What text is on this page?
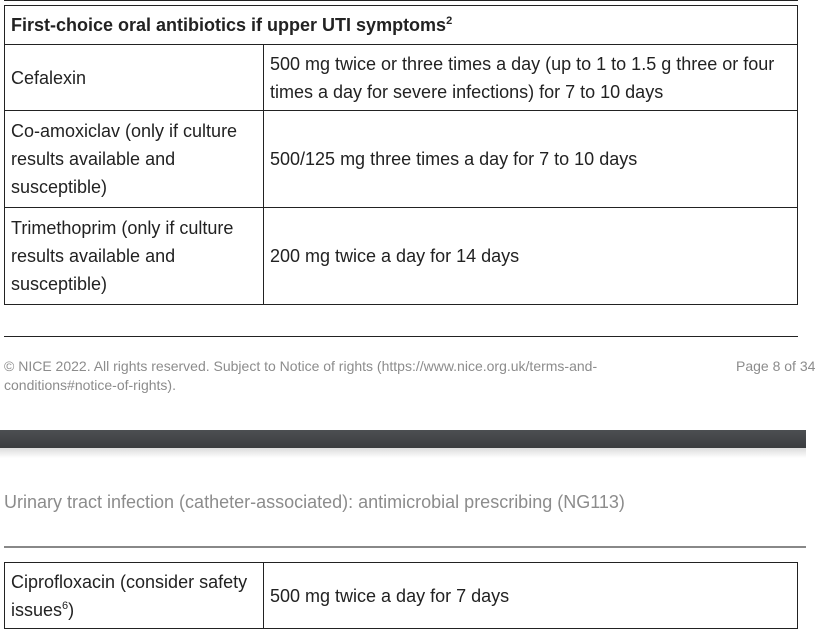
First-choice oral antibiotics if upper UTI symptoms$^2$
Cefalexin	500 mg twice or three times a day (up to 1 to 1.5 g three or four times a day for severe infections) for 7 to 10 days
Co-amoxiclav (only if culture results available and susceptible)	500/125 mg three times a day for 7 to 10 days
Trimethoprim (only if culture results available and susceptible)	200 mg twice a day for 14 days
© NICE 2022. All rights reserved. Subject to Notice of rights (https://www.nice.org.uk/terms-and-conditions#notice-of-rights).
Page 8 of 34
Urinary tract infection (catheter-associated): antimicrobial prescribing (NG113)
Ciprofloxacin (consider safety issues$^6$)	500 mg twice a day for 7 days
